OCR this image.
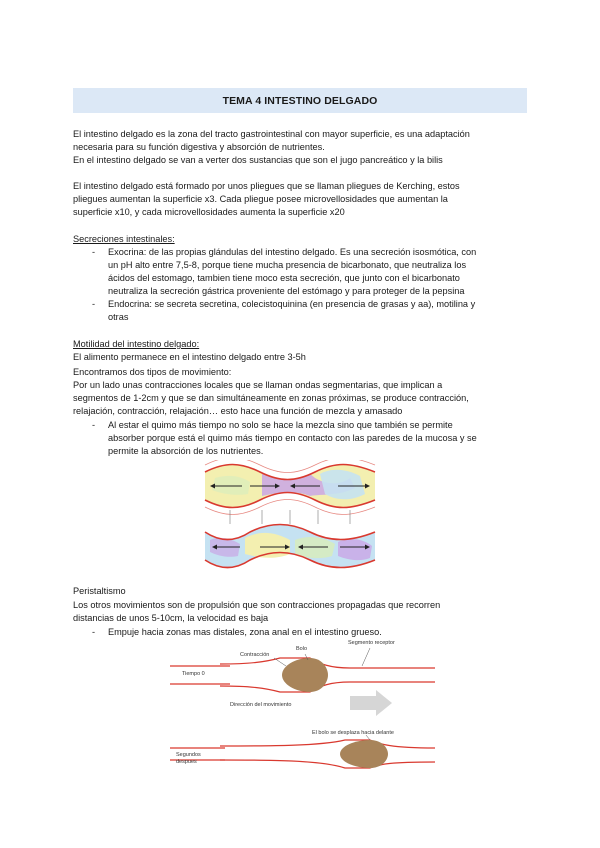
TEMA 4 INTESTINO DELGADO
El intestino delgado es la zona del tracto gastrointestinal con mayor superficie, es una adaptación
necesaria para su función digestiva y absorción de nutrientes.
En el intestino delgado se van a verter dos sustancias que son el jugo pancreático y la bilis
El intestino delgado está formado por unos pliegues que se llaman pliegues de Kerching, estos
pliegues aumentan la superficie x3. Cada pliegue posee microvellosidades que aumentan la
superficie x10, y cada microvellosidades aumenta la superficie x20
Secreciones intestinales:
- Exocrina: de las propias glándulas del intestino delgado. Es una secreción isosmótica, con
un pH alto entre 7,5-8, porque tiene mucha presencia de bicarbonato, que neutraliza los
ácidos del estomago, tambien tiene moco esta secreción, que junto con el bicarbonato
neutraliza la secreción gástrica proveniente del estómago y para proteger de la pepsina
- Endocrina: se secreta secretina, colecistoquinina (en presencia de grasas y aa), motilina y
otras
Motilidad del intestino delgado:
El alimento permanece en el intestino delgado entre 3-5h
Encontramos dos tipos de movimiento:
Por un lado unas contracciones locales que se llaman ondas segmentarias, que implican a
segmentos de 1-2cm y que se dan simultáneamente en zonas próximas, se produce contracción,
relajación, contracción, relajación… esto hace una función de mezcla y amasado
- Al estar el quimo más tiempo no solo se hace la mezcla sino que también se permite
absorber porque está el quimo más tiempo en contacto con las paredes de la mucosa y se
permite la absorción de los nutrientes.
Peristaltismo
Los otros movimientos son de propulsión que son contracciones propagadas que recorren
distancias de unos 5-10cm, la velocidad es baja
- Empuje hacia zonas mas distales, zona anal en el intestino grueso.
Contracción
Bolo
Segmento receptor
Tiempo 0
Dirección del movimiento
El bolo se desplaza hacia delante
Segundos
despues
